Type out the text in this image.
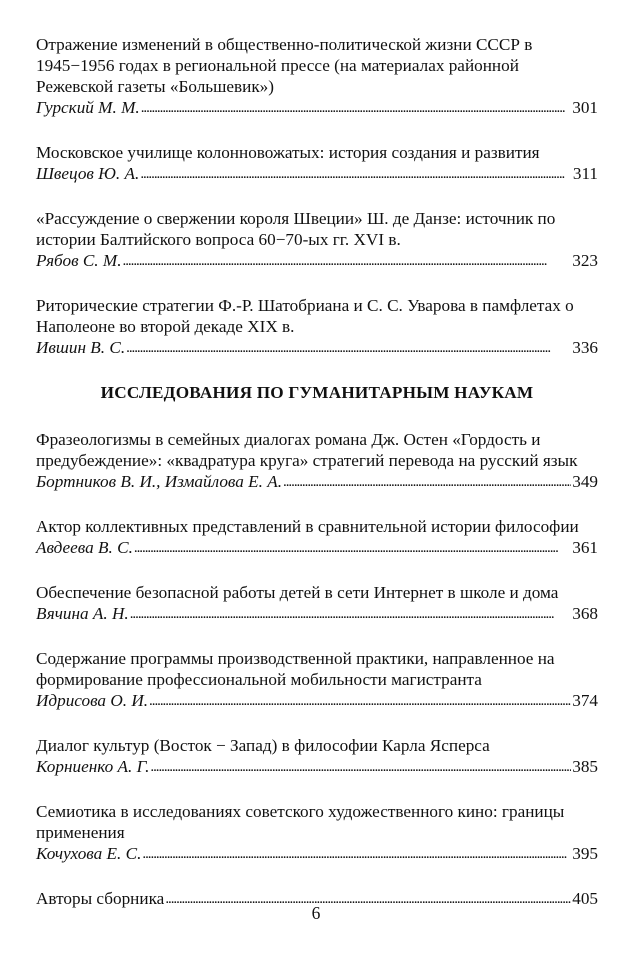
Отражение изменений в общественно-политической жизни СССР в 1945−1956 годах в региональной прессе (на материалах районной Режевской газеты «Большевик»)
Гурский М. М. . . .	301
Московское училище колонновожатых: история создания и развития
Швецов Ю. А. . . .	311
«Рассуждение о свержении короля Швеции» Ш. де Данзе: источник по истории Балтийского вопроса 60−70-ых гг. XVI в.
Рябов С. М. . . .	323
Риторические стратегии Ф.-Р. Шатобриана и С. С. Уварова в памфлетах о Наполеоне во второй декаде XIX в.
Ившин В. С. . . .	336
ИССЛЕДОВАНИЯ ПО ГУМАНИТАРНЫМ НАУКАМ
Фразеологизмы в семейных диалогах романа Дж. Остен «Гордость и предубеждение»: «квадратура круга» стратегий перевода на русский язык
Бортников В. И., Измайлова Е. А. . . .	349
Актор коллективных представлений в сравнительной истории философии
Авдеева В. С. . . .	361
Обеспечение безопасной работы детей в сети Интернет в школе и дома
Вячина А. Н. . . .	368
Содержание программы производственной практики, направленное на формирование профессиональной мобильности магистранта
Идрисова О. И. . . .	374
Диалог культур (Восток − Запад) в философии Карла Ясперса
Корниенко А. Г. . . .	385
Семиотика в исследованиях советского художественного кино: границы применения
Кочухова Е. С. . . .	395
Авторы сборника . . .	405
6
